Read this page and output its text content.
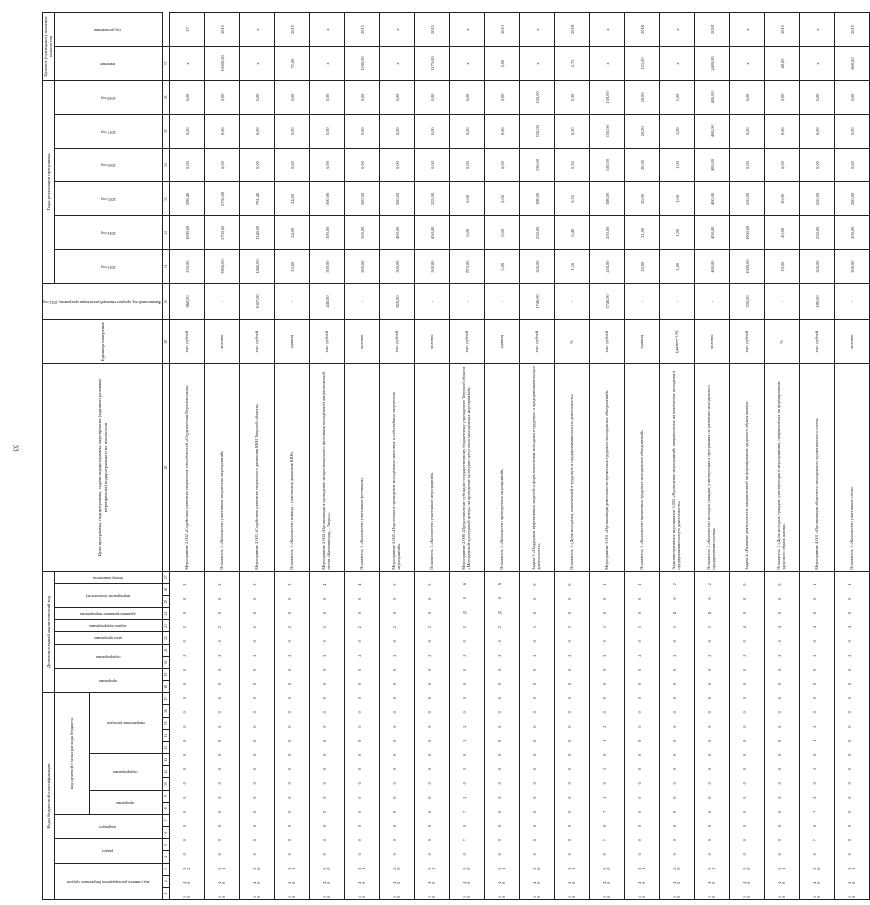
33
Коды бюджетной классификации																	Дополнительный аналитический код										Цели программы, подпрограммы, задачи подпрограммы, мероприятия (административные мероприятия) подпрограммы и их показатели	Единица измерения	Финансовый год, предшествующий реализации программы, 2012 год	Годы реализации программы						Целевое (суммарное) значение показателя	
код главного распорядителя бюджетных средств			раздел		подраздел		код целевой статьи расхода бюджета										программа		подпрограмма		цели программы	задачи подпрограммы	административные мероприятия	мероприятие (показатель)		номер показателя				2013 год	2014 год	2015 год	2016 год	2017 год	2018 год	значение	год достижения
							программа		подпрограмма			направление расходов																									
1	2	3	4	5	6	7	8	9	10	11	12	13	14	15	16	17	18	19	20	21	22	23	24	25	26	27	28	29	30	31	32	33	34	35	36	37	
1 4 5 0 0 0 0 0 0 0 0 0 0 0 0 0 0 2 0 2 0 0 2 0 0 2																											Мероприятие 2.002 «Содействие развитию творческих способностей «Студенческая Верхневолжья»	тыс. рублей	960,00	235,00	1090,00	599,40	0,00	0,00	0,00	х	37
1 4 5 0 0 0 0 0 0 0 0 0 0 0 0 0 0 2 0 2 0 0 2 0 0 1																											Показатель 1 «Количество участников творческих мероприятий»	человек	-	3900,00	5750,00	5750,00	0,00	0,00	0,00	15000,00	2015
1 4 5 0 0 0 0 0 0 0 0 0 0 0 0 0 0 2 0 2 0 0 3 0 0 0																											Мероприятие 2.003 «Содействие развитию творческого движения КВН Тверской области»	тыс. рублей	1007,00	1260,00	1340,00	791,40	0,00	0,00	0,00	х	х
1 4 5 0 0 0 0 0 0 0 0 0 0 0 0 0 0 2 0 2 0 0 3 0 0 1																											Показатель 1 «Количество команд – участников движения КВН»	единиц	-	23,00	24,00	24,00	0,00	0,00	0,00	71,00	2015
1 4 5 0 0 0 0 0 0 0 0 0 0 0 0 0 0 2 0 2 0 0 4 0 0 0																											Мероприятие 2.004 «Организация и проведение межрегионального фестиваля молодёжной патриотической песни «Калининград – Тверь»»	тыс. рублей	440,00	500,00	500,00	500,00	0,00	0,00	0,00	х	х
1 4 5 0 0 0 0 0 0 0 0 0 0 0 0 0 0 2 0 2 0 0 4 0 0 1																											Показатель 1 «Количество участников фестиваля»	человек	-	500,00	500,00	500,00	0,00	0,00	0,00	1500,00	2015
1 4 5 0 0 0 0 0 0 0 0 0 0 0 0 0 0 2 0 2 0 0 5 0 0 0																											Мероприятие 2.005 «Подготовка и проведение молодёжных массовых и событийных творческих мероприятий»	тыс. рублей	820,00	500,00	400,00	200,00	0,00	0,00	0,00	х	х
1 4 5 0 0 0 0 0 0 0 0 0 0 0 0 0 0 2 0 2 0 0 5 0 0 1																											Показатель 1 «Количество участников мероприятий»	человек	-	500,00	450,00	225,00	0,00	0,00	0,00	1175,00	2015
1 4 5 0 7 0 7 2 0 3 0 1 2 0 0 0 0 2 0 2 Д 0 6 0 0 0																											Мероприятие 2.006 «Предоставление субсидии государственному бюджетному учреждению Тверской области «Молодёжный культурный центр» на проведение культурно-досуговых молодёжных мероприятий»	тыс. рублей	-	875,00	0,00	0,00	0,00	0,00	0,00	х	х
1 4 5 0 0 0 0 0 0 0 0 0 0 0 0 0 0 2 0 2 Д 0 6 0 0 1																											Показатель 1 «Количество проведенных мероприятий»	единиц	-	5,00	0,00	0,00	0,00	0,00	0,00	5,00	2013
1 4 5 0 0 0 0 0 0 0 0 0 0 0 0 0 0 2 0 3 0 0 0 0 0 0																											Задача 3 «Поддержка эффективных моделей и форм вовлечения молодежи в трудовую и предпринимательскую деятельность»	тыс. рублей	1740,00	250,00	250,00	198,00	150,00	150,00	150,00	х	х
1 4 5 0 0 0 0 0 0 0 0 0 0 0 0 0 0 2 0 3 0 0 0 0 0 1																											Показатель 1 «Доля молодежи, вовлеченной в трудовую и предпринимательскую деятельность»	%	-	1,10	0,40	0,35	0,30	0,30	0,30	2,75	2018
1 4 5 0 7 0 7 2 0 3 0 1 2 0 0 0 0 2 0 3 0 0 1 0 0 0																											Мероприятие 3.001 «Организация деятельности временных трудовых молодежных объединений»	тыс. рублей	1740,00	250,00	250,00	198,00	150,00	150,00	150,00	х	х
1 4 5 0 0 0 0 0 0 0 0 0 0 0 0 0 0 2 0 3 0 0 1 0 0 1																											Показатель 1 «Количество временных трудовых молодежных объединений»	единиц	-	20,00	21,00	20,00	20,00	20,00	20,00	121,00	2018
1 4 5 0 0 0 0 0 0 0 0 0 0 0 0 0 0 2 0 3 Б 0 2 0 0 0																											Административное мероприятие 3.002 «Проведение мероприятий, направленных на вовлечение молодежи в предпринимательскую деятельность»	(да/нет=1/0)	-	1,00	1,00	1,00	1,00	1,00	1,00	х	х
1 4 5 0 0 0 0 0 0 0 0 0 0 0 0 0 0 2 0 3 Б 0 2 0 0 1																											Показатель 1 «Количество молодых граждан, участвующих в программах по развитию молодежного предпринимательства»	человек	-	400,00	400,00	400,00	400,00	400,00	400,00	2400,00	2018
1 4 5 0 0 0 0 0 0 0 0 0 0 0 0 0 0 2 0 4 0 0 0 0 0 0																											Задача 4 «Развитие деятельности, направленной на формирование здорового образа жизни»	тыс. рублей	330,00	1000,00	1000,00	550,00	0,00	0,00	0,00	х	х
1 4 5 0 0 0 0 0 0 0 0 0 0 0 0 0 0 2 0 4 0 0 0 0 0 1																											Показатель 1 «Доля молодых граждан, участвующих в мероприятиях, направленных на формирование здорового образа жизни»	%	-	19,00	20,00	10,00	0,00	0,00	0,00	49,00	2015
1 4 5 0 7 0 7 2 0 3 0 1 2 0 0 0 0 2 0 4 0 0 1 0 0 0																											Мероприятие 4.001 «Организация областного молодежного туристического слета»	тыс. рублей	180,00	250,00	250,00	250,00	0,00	0,00	0,00	х	х
1 4 5 0 0 0 0 0 0 0 0 0 0 0 0 0 0 2 0 4 0 0 1 0 0 1																											Показатель 1 «Количество участников слета»	человек	-	200,00	200,00	200,00	0,00	0,00	0,00	600,00	2015
